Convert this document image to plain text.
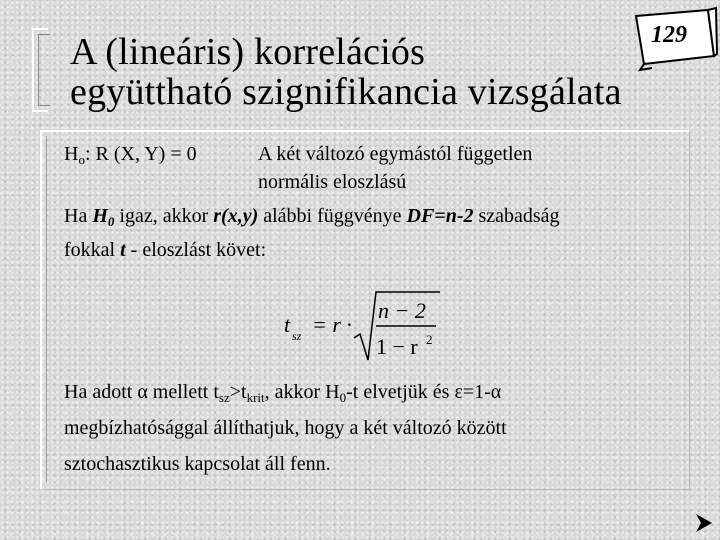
129
A (lineáris) korrelációs
együttható szignifikancia vizsgálata
$H_o$: R (X, Y) = 0	A két változó egymástól független
normális eloszlású
Ha $H_0$ igaz, akkor r(x,y) alábbi függvénye DF=n-2 szabadság
fokkal t - eloszlást követ:
t sz = r ·
n − 2
1 − r 2
Ha adott α mellett $t_{sz}>t_{krit}$, akkor $H_0-t$ elvetjük és ε=1-α
megbízhatósággal állíthatjuk, hogy a két változó között
sztochasztikus kapcsolat áll fenn.
